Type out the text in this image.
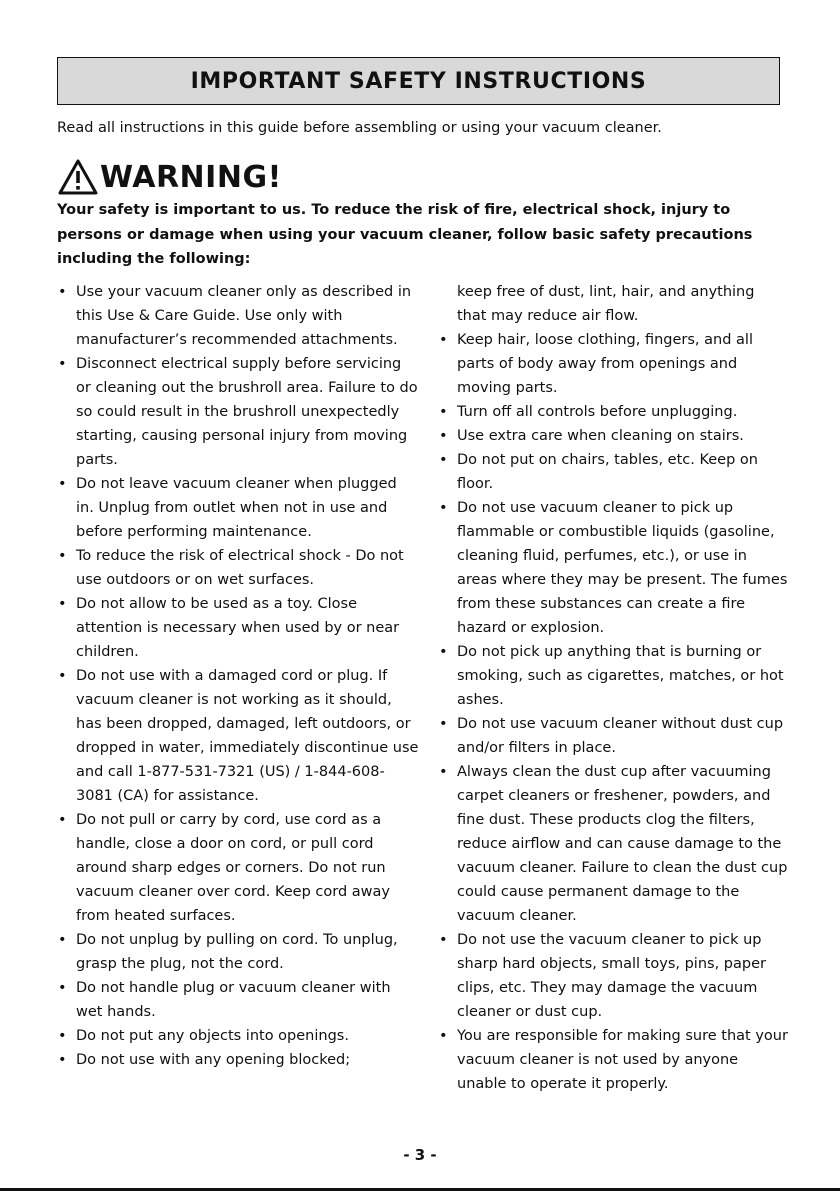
IMPORTANT SAFETY INSTRUCTIONS

Read all instructions in this guide before assembling or using your vacuum cleaner.

WARNING!

Your safety is important to us. To reduce the risk of fire, electrical shock, injury to persons or damage when using your vacuum cleaner, follow basic safety precautions including the following:

• Use your vacuum cleaner only as described in this Use & Care Guide. Use only with manufacturer’s recommended attachments.
• Disconnect electrical supply before servicing or cleaning out the brushroll area. Failure to do so could result in the brushroll unexpectedly starting, causing personal injury from moving parts.
• Do not leave vacuum cleaner when plugged in. Unplug from outlet when not in use and before performing maintenance.
• To reduce the risk of electrical shock - Do not use outdoors or on wet surfaces.
• Do not allow to be used as a toy. Close attention is necessary when used by or near children.
• Do not use with a damaged cord or plug. If vacuum cleaner is not working as it should, has been dropped, damaged, left outdoors, or dropped in water, immediately discontinue use and call 1-877-531-7321 (US) / 1-844-608-3081 (CA) for assistance.
• Do not pull or carry by cord, use cord as a handle, close a door on cord, or pull cord around sharp edges or corners. Do not run vacuum cleaner over cord. Keep cord away from heated surfaces.
• Do not unplug by pulling on cord. To unplug, grasp the plug, not the cord.
• Do not handle plug or vacuum cleaner with wet hands.
• Do not put any objects into openings.
• Do not use with any opening blocked;
keep free of dust, lint, hair, and anything that may reduce air flow.
• Keep hair, loose clothing, fingers, and all parts of body away from openings and moving parts.
• Turn off all controls before unplugging.
• Use extra care when cleaning on stairs.
• Do not put on chairs, tables, etc. Keep on floor.
• Do not use vacuum cleaner to pick up flammable or combustible liquids (gasoline, cleaning fluid, perfumes, etc.), or use in areas where they may be present. The fumes from these substances can create a fire hazard or explosion.
• Do not pick up anything that is burning or smoking, such as cigarettes, matches, or hot ashes.
• Do not use vacuum cleaner without dust cup and/or filters in place.
• Always clean the dust cup after vacuuming carpet cleaners or freshener, powders, and fine dust. These products clog the filters, reduce airflow and can cause damage to the vacuum cleaner. Failure to clean the dust cup could cause permanent damage to the vacuum cleaner.
• Do not use the vacuum cleaner to pick up sharp hard objects, small toys, pins, paper clips, etc. They may damage the vacuum cleaner or dust cup.
• You are responsible for making sure that your vacuum cleaner is not used by anyone unable to operate it properly.
- 3 -
